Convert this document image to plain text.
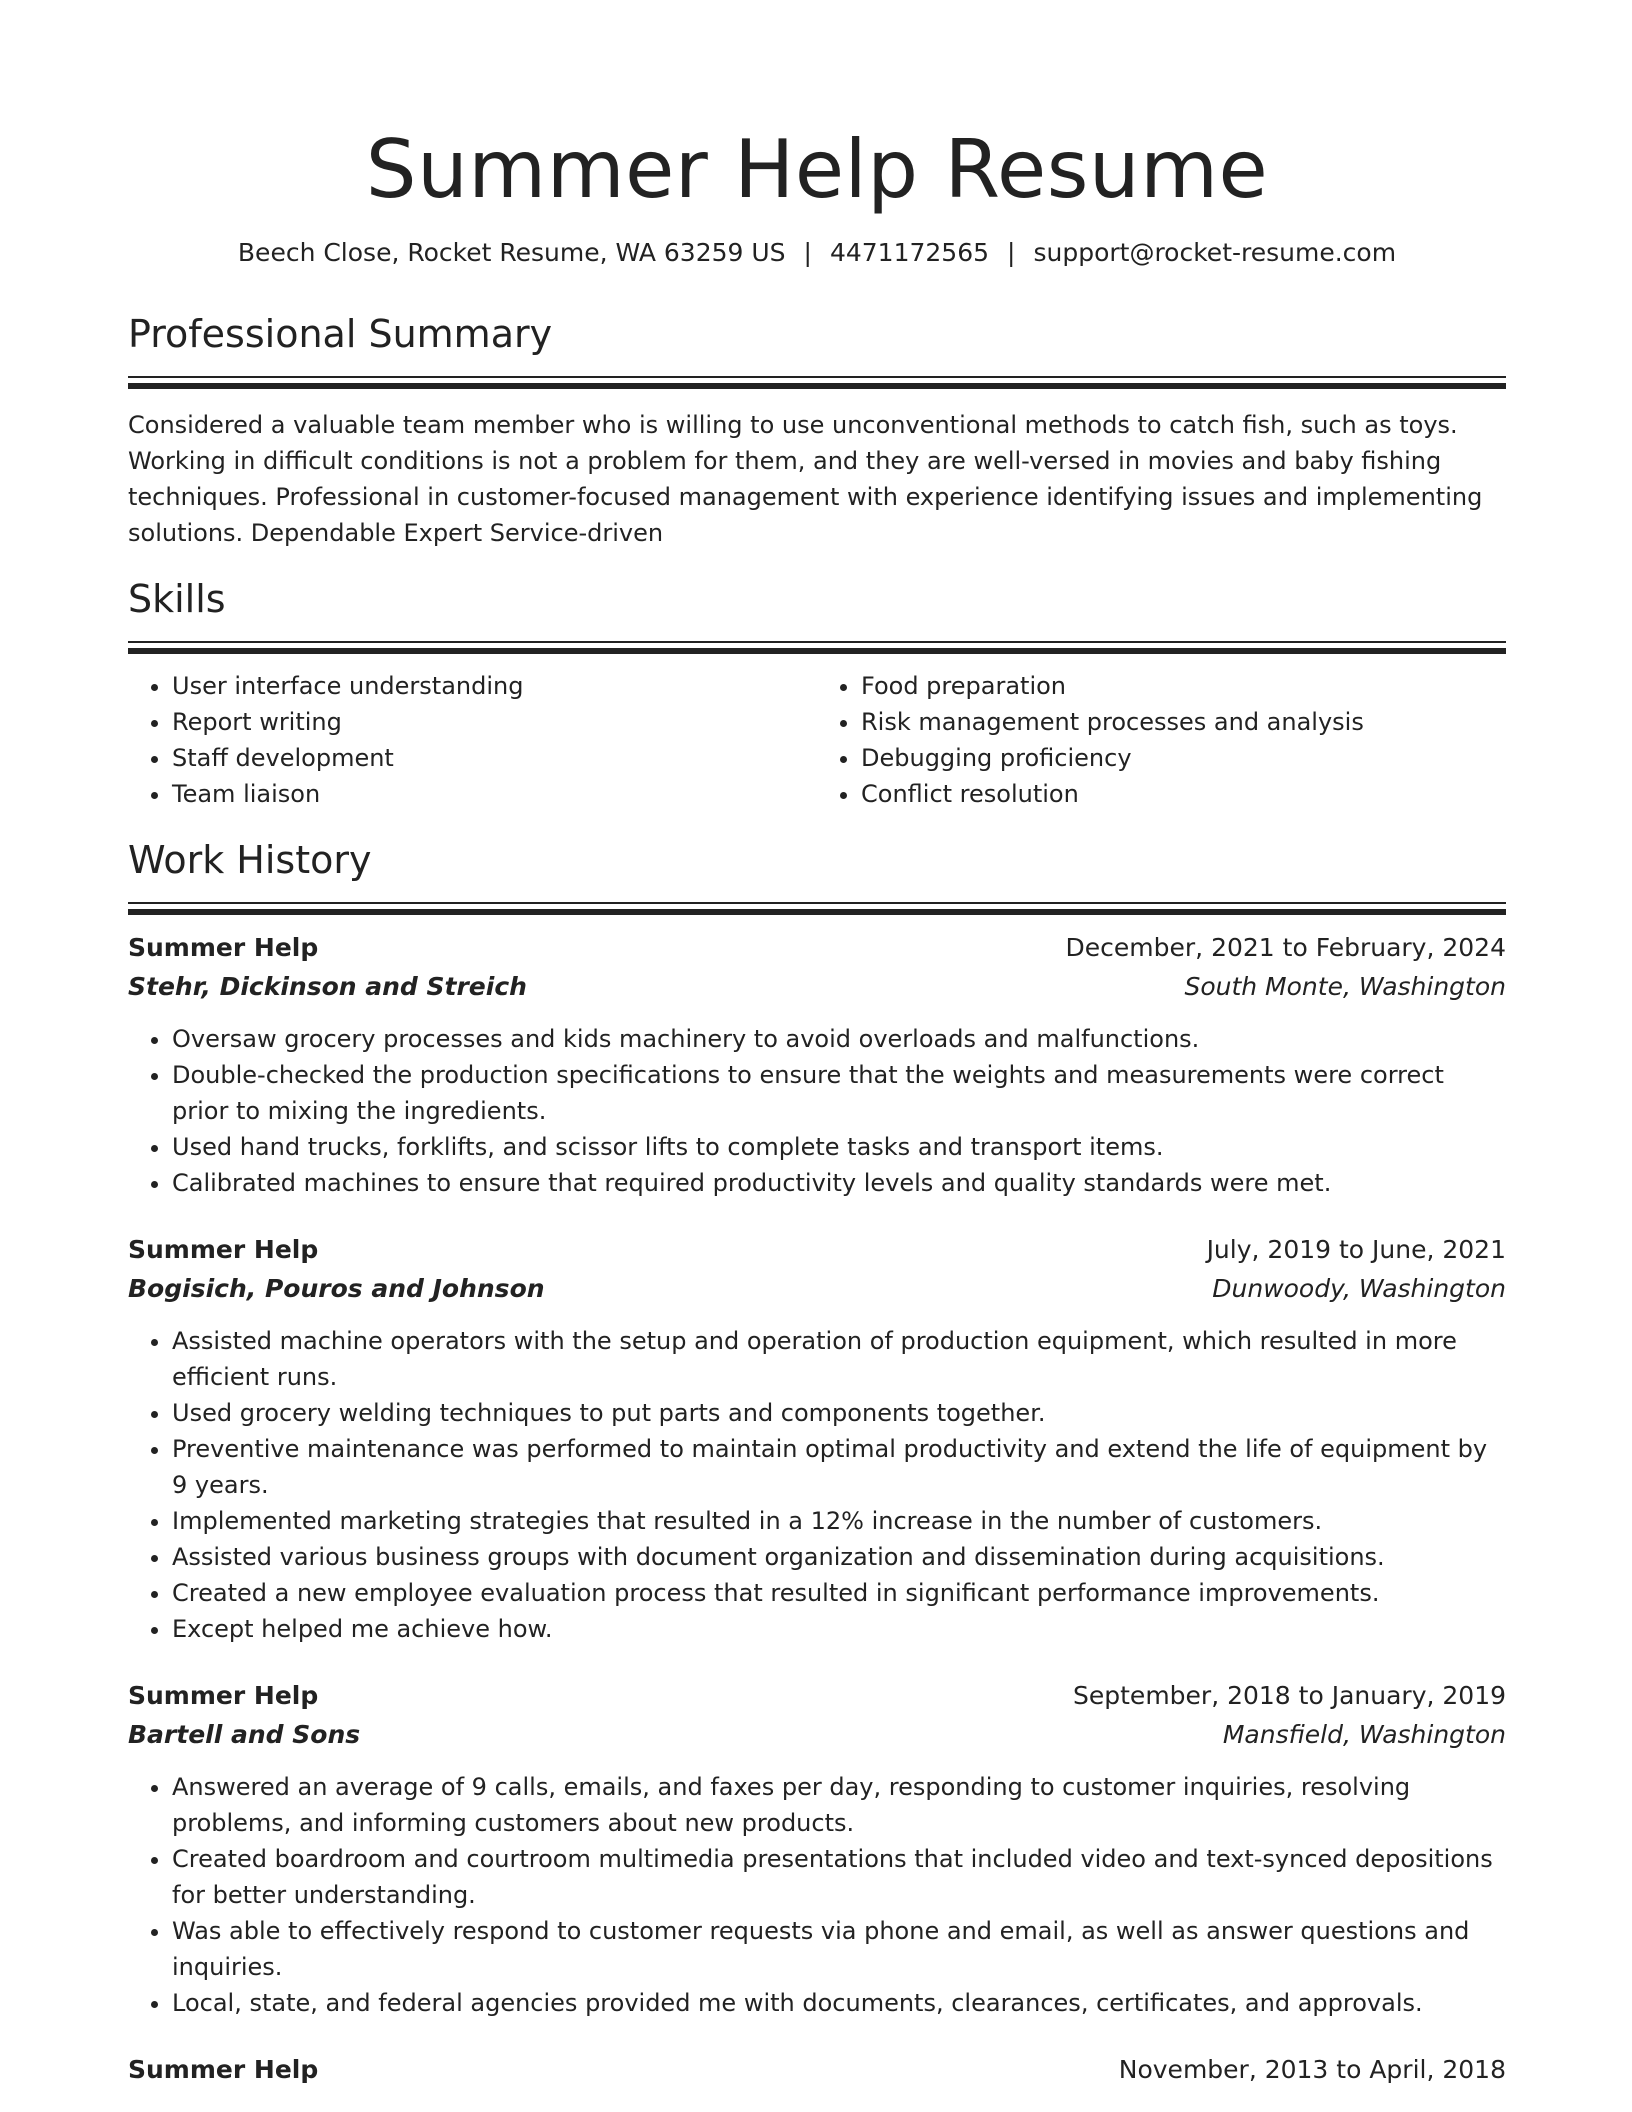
Summer Help Resume
Beech Close, Rocket Resume, WA 63259 US | 4471172565 | support@rocket-resume.com
Professional Summary

Considered a valuable team member who is willing to use unconventional methods to catch fish, such as toys. Working in difficult conditions is not a problem for them, and they are well-versed in movies and baby fishing techniques. Professional in customer-focused management with experience identifying issues and implementing solutions. Dependable Expert Service-driven

Skills
• User interface understanding
• Report writing
• Staff development
• Team liaison
• Food preparation
• Risk management processes and analysis
• Debugging proficiency
• Conflict resolution
Work History
Summer Help	December, 2021 to February, 2024
Stehr, Dickinson and Streich	South Monte, Washington
• Oversaw grocery processes and kids machinery to avoid overloads and malfunctions.
• Double-checked the production specifications to ensure that the weights and measurements were correct prior to mixing the ingredients.
• Used hand trucks, forklifts, and scissor lifts to complete tasks and transport items.
• Calibrated machines to ensure that required productivity levels and quality standards were met.
Summer Help	July, 2019 to June, 2021
Bogisich, Pouros and Johnson	Dunwoody, Washington
• Assisted machine operators with the setup and operation of production equipment, which resulted in more efficient runs.
• Used grocery welding techniques to put parts and components together.
• Preventive maintenance was performed to maintain optimal productivity and extend the life of equipment by 9 years.
• Implemented marketing strategies that resulted in a 12% increase in the number of customers.
• Assisted various business groups with document organization and dissemination during acquisitions.
• Created a new employee evaluation process that resulted in significant performance improvements.
• Except helped me achieve how.
Summer Help	September, 2018 to January, 2019
Bartell and Sons	Mansfield, Washington
• Answered an average of 9 calls, emails, and faxes per day, responding to customer inquiries, resolving problems, and informing customers about new products.
• Created boardroom and courtroom multimedia presentations that included video and text-synced depositions for better understanding.
• Was able to effectively respond to customer requests via phone and email, as well as answer questions and inquiries.
• Local, state, and federal agencies provided me with documents, clearances, certificates, and approvals.
Summer Help	November, 2013 to April, 2018
